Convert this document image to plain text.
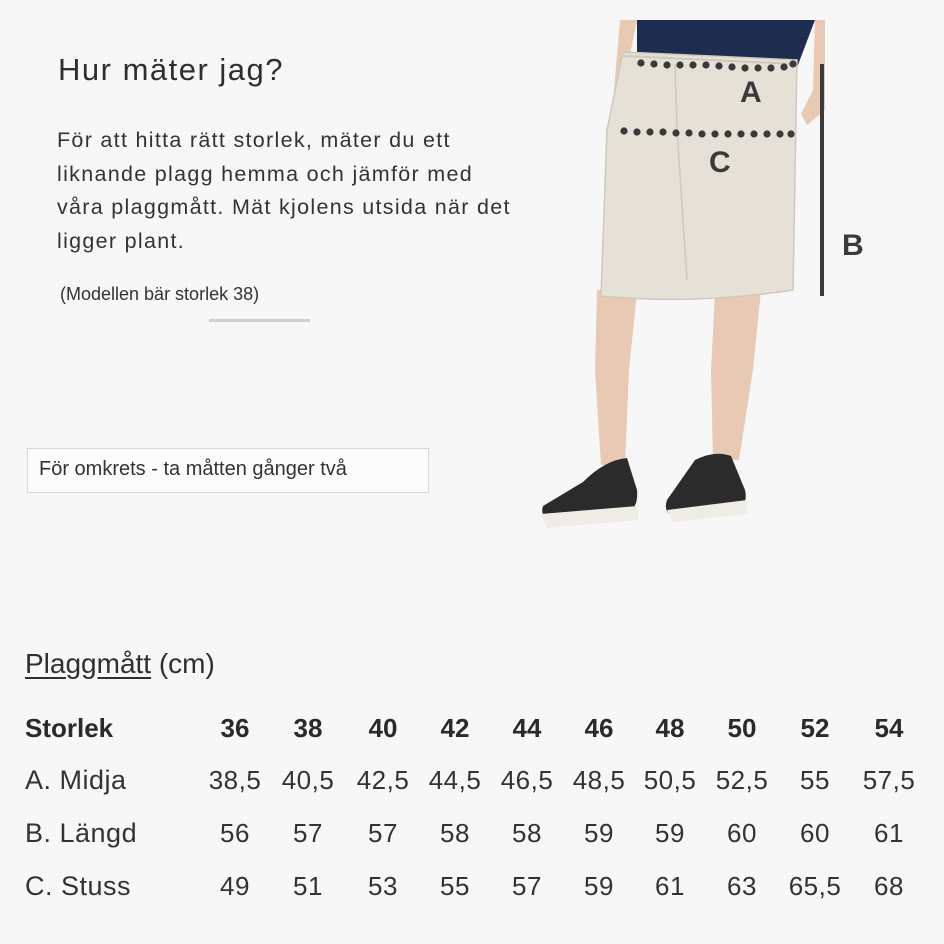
Hur mäter jag?

För att hitta rätt storlek, mäter du ett liknande plagg hemma och jämför med våra plaggmått. Mät kjolens utsida när det ligger plant.

(Modellen bär storlek 38)
För omkrets - ta måtten gånger två
A
C
B
Plaggmått (cm)
Storlek	36	38	40	42	44	46	48	50	52	54
A. Midja	38,5	40,5	42,5	44,5	46,5	48,5	50,5	52,5	55	57,5
B. Längd	56	57	57	58	58	59	59	60	60	61
C. Stuss	49	51	53	55	57	59	61	63	65,5	68
